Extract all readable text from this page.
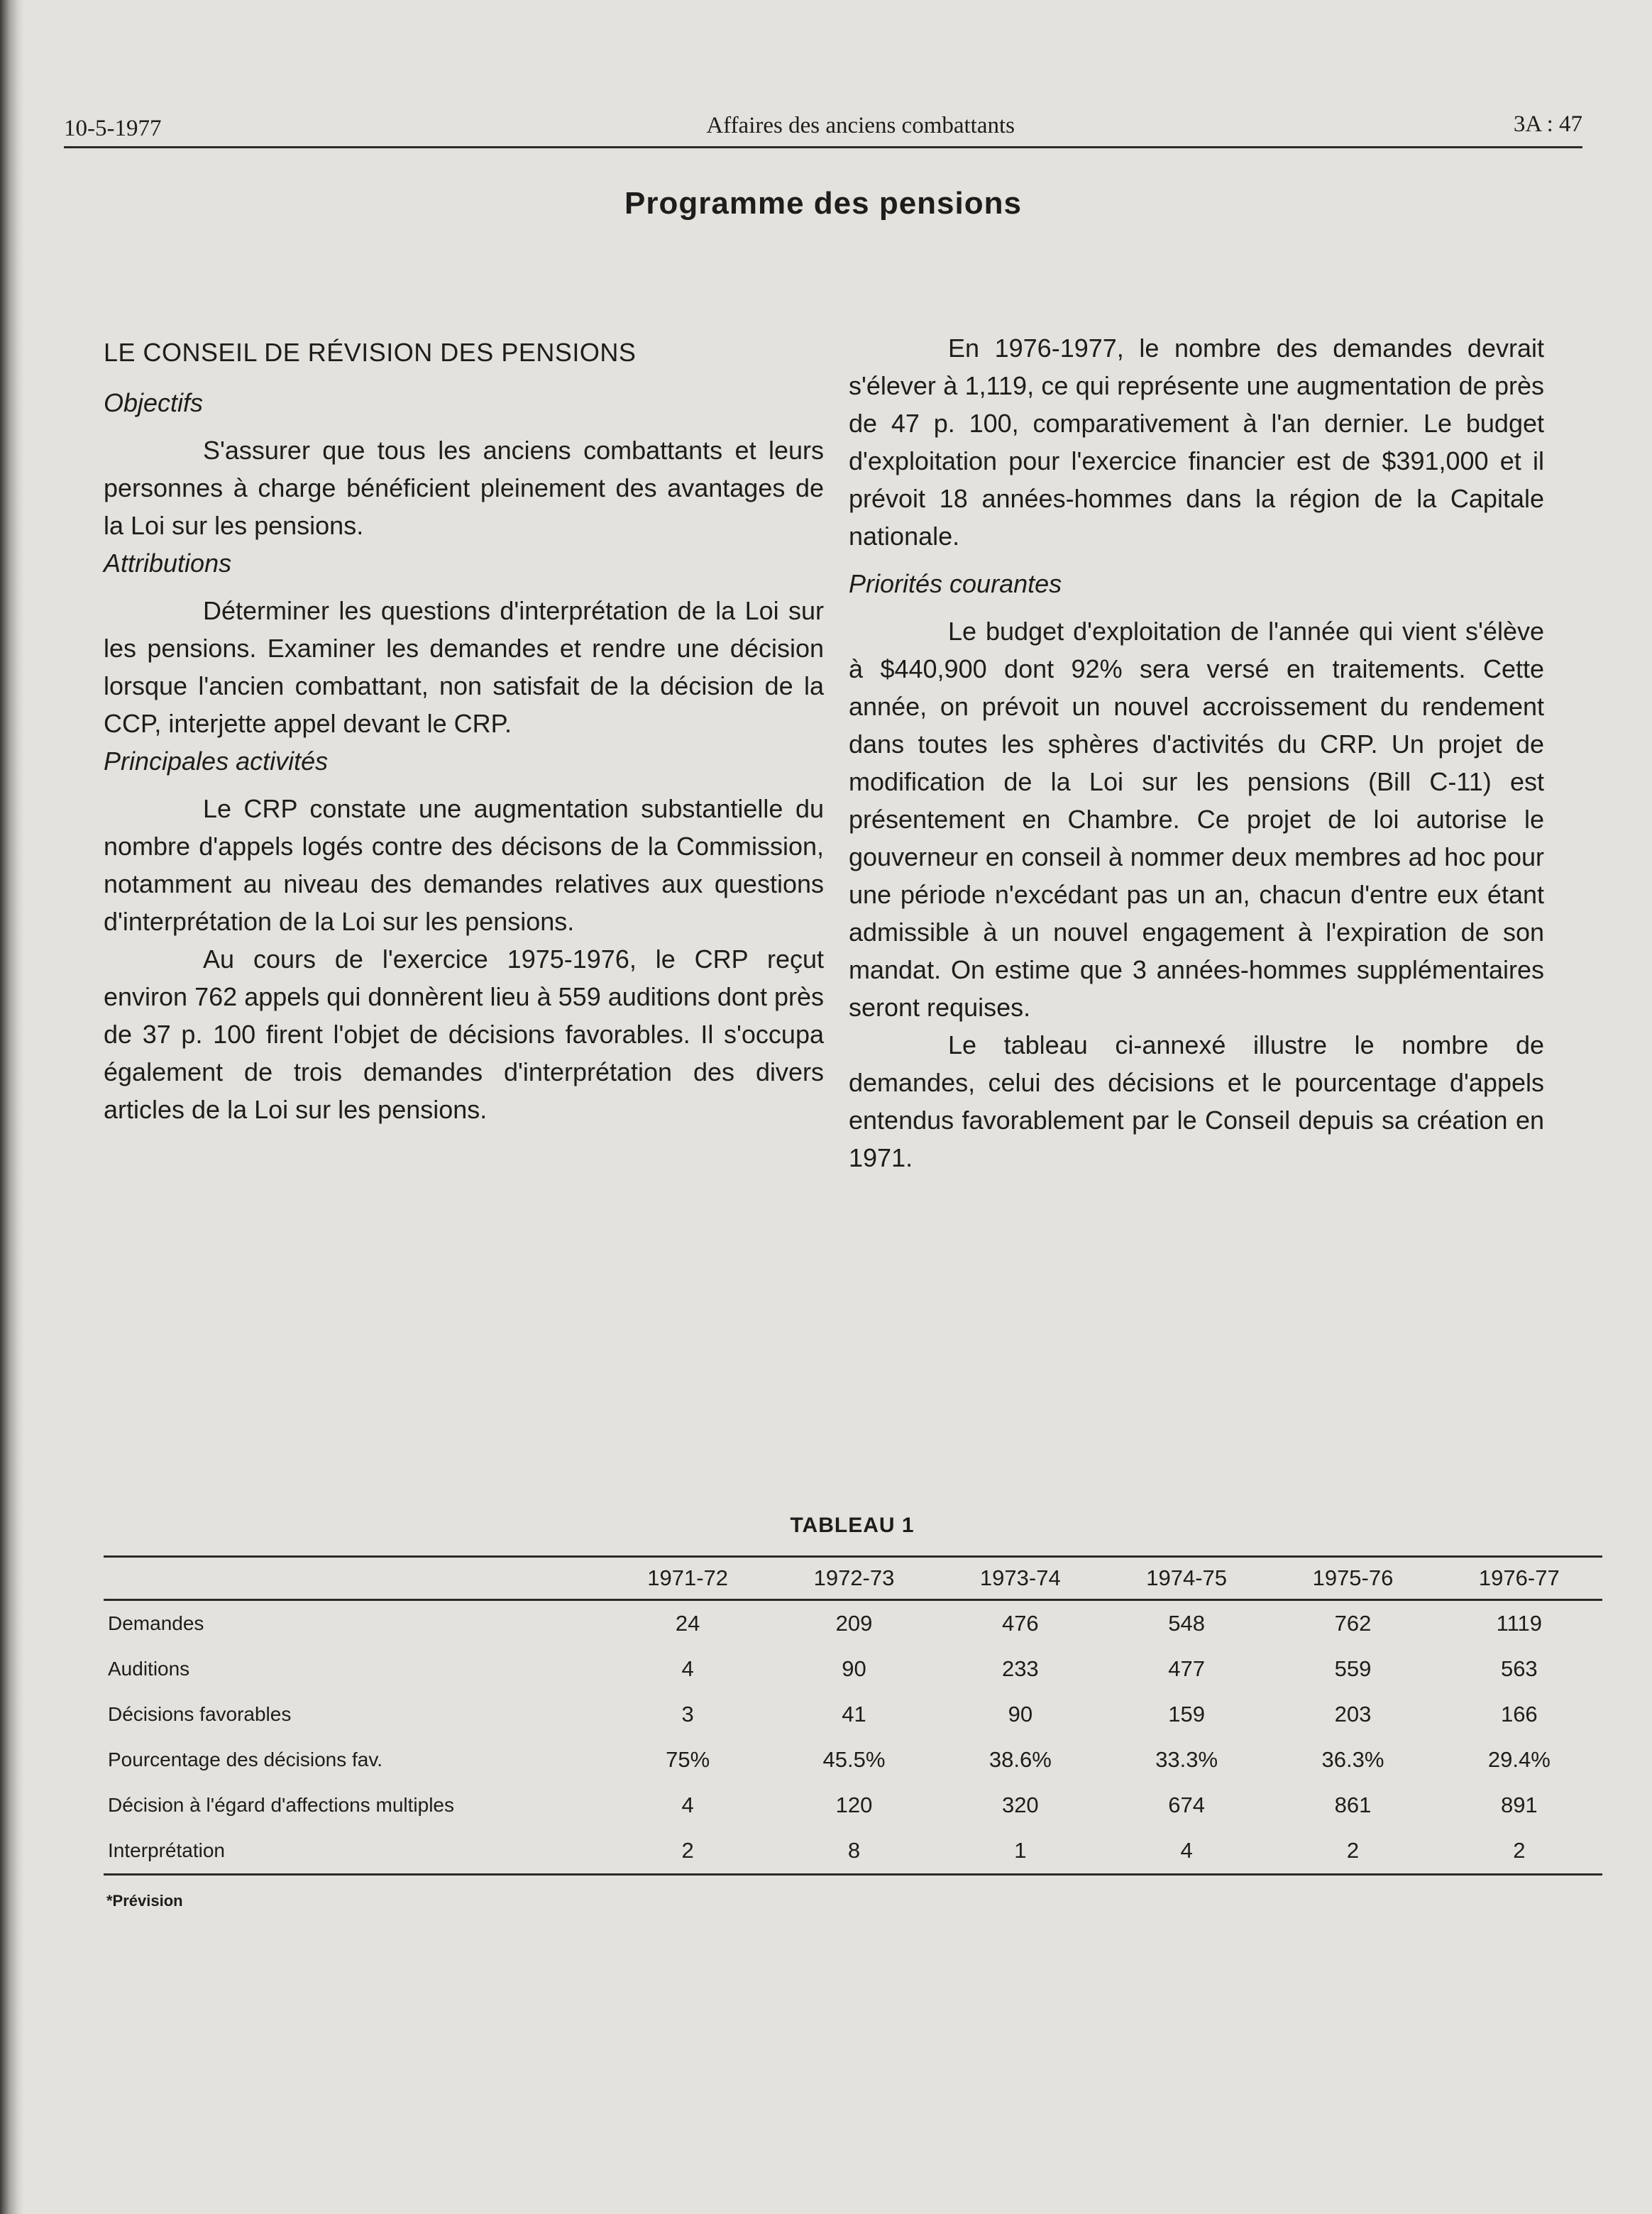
10-5-1977	Affaires des anciens combattants	3A : 47
Programme des pensions
LE CONSEIL DE RÉVISION DES PENSIONS

Objectifs

S'assurer que tous les anciens combattants et leurs personnes à charge bénéficient pleinement des avantages de la Loi sur les pensions.

Attributions

Déterminer les questions d'interprétation de la Loi sur les pensions. Examiner les demandes et rendre une décision lorsque l'ancien combattant, non satisfait de la décision de la CCP, interjette appel devant le CRP.

Principales activités

Le CRP constate une augmentation substantielle du nombre d'appels logés contre des décisons de la Commission, notamment au niveau des demandes relatives aux questions d'interprétation de la Loi sur les pensions.

Au cours de l'exercice 1975-1976, le CRP reçut environ 762 appels qui donnèrent lieu à 559 auditions dont près de 37 p. 100 firent l'objet de décisions favorables. Il s'occupa également de trois demandes d'interprétation des divers articles de la Loi sur les pensions.

En 1976-1977, le nombre des demandes devrait s'élever à 1,119, ce qui représente une augmentation de près de 47 p. 100, comparativement à l'an dernier. Le budget d'exploitation pour l'exercice financier est de $391,000 et il prévoit 18 années-hommes dans la région de la Capitale nationale.

Priorités courantes

Le budget d'exploitation de l'année qui vient s'élève à $440,900 dont 92% sera versé en traitements. Cette année, on prévoit un nouvel accroissement du rendement dans toutes les sphères d'activités du CRP. Un projet de modification de la Loi sur les pensions (Bill C-11) est présentement en Chambre. Ce projet de loi autorise le gouverneur en conseil à nommer deux membres ad hoc pour une période n'excédant pas un an, chacun d'entre eux étant admissible à un nouvel engagement à l'expiration de son mandat. On estime que 3 années-hommes supplémentaires seront requises.

Le tableau ci-annexé illustre le nombre de demandes, celui des décisions et le pourcentage d'appels entendus favorablement par le Conseil depuis sa création en 1971.

TABLEAU 1
	1971-72	1972-73	1973-74	1974-75	1975-76	1976-77
Demandes	24	209	476	548	762	1119
Auditions	4	90	233	477	559	563
Décisions favorables	3	41	90	159	203	166
Pourcentage des décisions fav.	75%	45.5%	38.6%	33.3%	36.3%	29.4%
Décision à l'égard d'affections multiples	4	120	320	674	861	891
Interprétation	2	8	1	4	2	2
*Prévision
